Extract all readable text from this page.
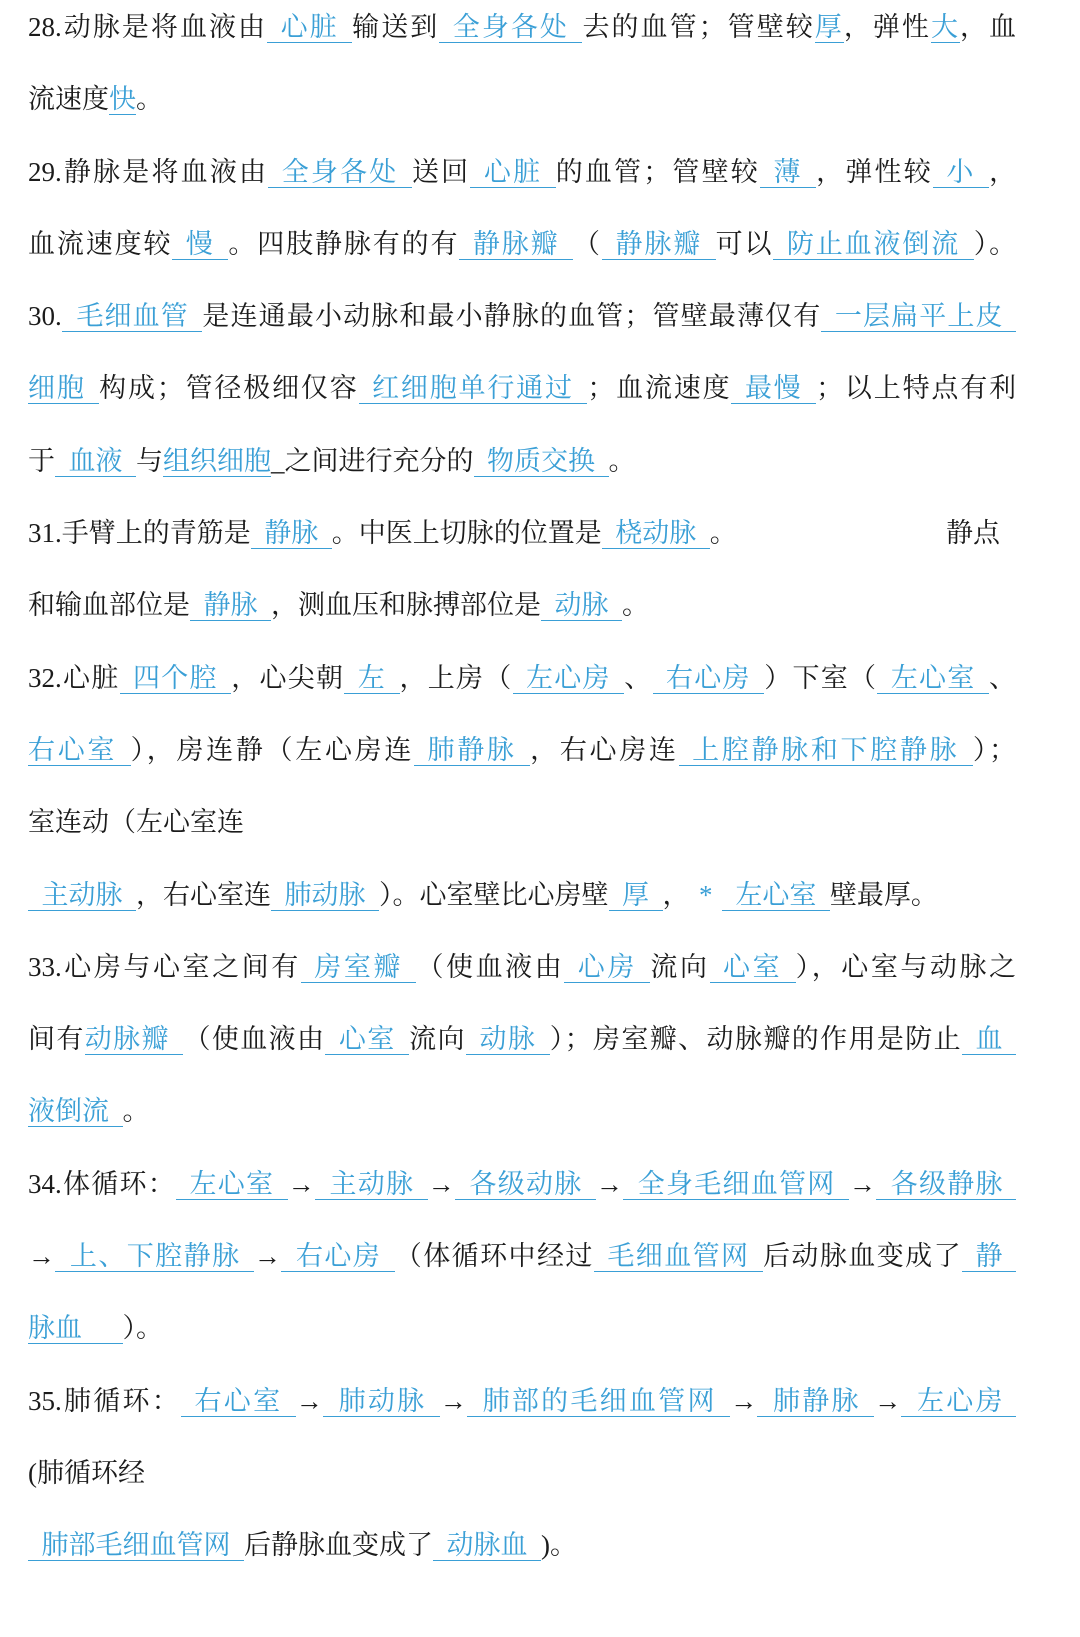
28.动脉是将血液由 心脏 输送到 全身各处 去的血管；管壁较厚，弹性大，血
流速度快。
29.静脉是将血液由 全身各处 送回 心脏 的血管；管壁较 薄 ，弹性较 小 ，
血流速度较 慢 。四肢静脉有的有 静脉瓣 （ 静脉瓣 可以 防止血液倒流 ）。
30. 毛细血管 是连通最小动脉和最小静脉的血管；管壁最薄仅有 一层扁平上皮
细胞 构成；管径极细仅容 红细胞单行通过 ；血流速度 最慢 ；以上特点有利
于 血液 与组织细胞_之间进行充分的 物质交换 。
31.手臂上的青筋是 静脉 。中医上切脉的位置是 桡动脉 。	静点
和输血部位是 静脉 ，测血压和脉搏部位是 动脉 。
32.心脏 四个腔 ，心尖朝 左 ，上房（ 左心房 、 右心房 ）下室（ 左心室 、
右心室 ），房连静（左心房连 肺静脉 ，右心房连 上腔静脉和下腔静脉 ）；
室连动（左心室连
主动脉 ，右心室连 肺动脉 ）。心室壁比心房壁 厚 ， * 左心室 壁最厚。
33.心房与心室之间有 房室瓣 （使血液由 心房 流向 心室 ），心室与动脉之
间有动脉瓣 （使血液由 心室 流向 动脉 ）；房室瓣、动脉瓣的作用是防止 血
液倒流 。
34.体循环： 左心室 → 主动脉 → 各级动脉 → 全身毛细血管网 → 各级静脉
→ 上、下腔静脉 → 右心房 （体循环中经过 毛细血管网 后动脉血变成了 静
脉血 ）。
35.肺循环： 右心室 → 肺动脉 → 肺部的毛细血管网 → 肺静脉 → 左心房
(肺循环经
肺部毛细血管网 后静脉血变成了 动脉血 )。
